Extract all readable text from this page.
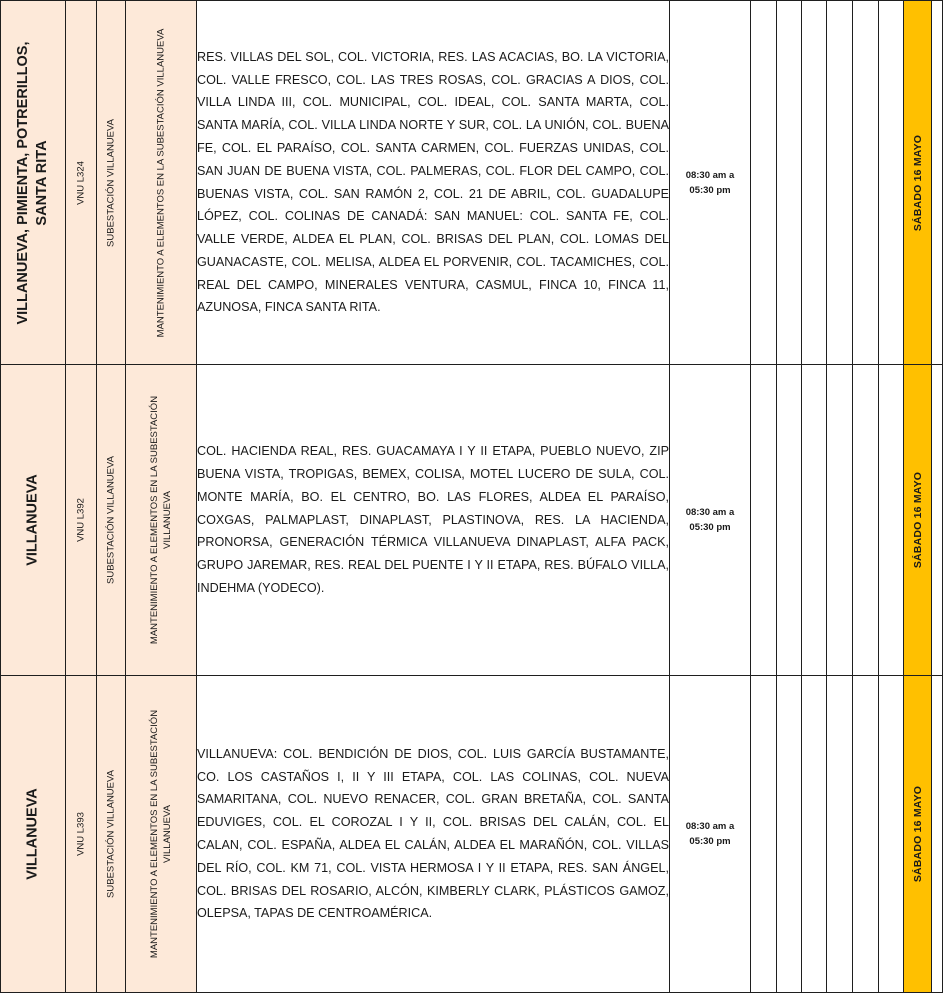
VILLANUEVA, PIMIENTA, POTRERILLOS, SANTA RITA	VNU L324	SUBESTACIÓN VILLANUEVA	MANTENIMIENTO A ELEMENTOS EN LA SUBESTACIÓN VILLANUEVA	RES. VILLAS DEL SOL, COL. VICTORIA, RES. LAS ACACIAS, BO. LA VICTORIA, COL. VALLE FRESCO, COL. LAS TRES ROSAS, COL. GRACIAS A DIOS, COL. VILLA LINDA III, COL. MUNICIPAL, COL. IDEAL, COL. SANTA MARTA, COL. SANTA MARÍA, COL. VILLA LINDA NORTE Y SUR, COL. LA UNIÓN, COL. BUENA FE, COL. EL PARAÍSO, COL. SANTA CARMEN, COL. FUERZAS UNIDAS, COL. SAN JUAN DE BUENA VISTA, COL. PALMERAS, COL. FLOR DEL CAMPO, COL. BUENAS VISTA, COL. SAN RAMÓN 2, COL. 21 DE ABRIL, COL. GUADALUPE LÓPEZ, COL. COLINAS DE CANADÁ: SAN MANUEL: COL. SANTA FE, COL. VALLE VERDE, ALDEA EL PLAN, COL. BRISAS DEL PLAN, COL. LOMAS DEL GUANACASTE, COL. MELISA, ALDEA EL PORVENIR, COL. TACAMICHES, COL. REAL DEL CAMPO, MINERALES VENTURA, CASMUL, FINCA 10, FINCA 11, AZUNOSA, FINCA SANTA RITA.	08:30 am a
05:30 pm							SÁBADO 16 MAYO	

VILLANUEVA	VNU L392	SUBESTACIÓN VILLANUEVA	MANTENIMIENTO A ELEMENTOS EN LA SUBESTACIÓN VILLANUEVA	COL. HACIENDA REAL, RES. GUACAMAYA I Y II ETAPA, PUEBLO NUEVO, ZIP BUENA VISTA, TROPIGAS, BEMEX, COLISA, MOTEL LUCERO DE SULA, COL. MONTE MARÍA, BO. EL CENTRO, BO. LAS FLORES, ALDEA EL PARAÍSO, COXGAS, PALMAPLAST, DINAPLAST, PLASTINOVA, RES. LA HACIENDA, PRONORSA, GENERACIÓN TÉRMICA VILLANUEVA DINAPLAST, ALFA PACK, GRUPO JAREMAR, RES. REAL DEL PUENTE I Y II ETAPA, RES. BÚFALO VILLA, INDEHMA (YODECO).	08:30 am a
05:30 pm							SÁBADO 16 MAYO	

VILLANUEVA	VNU L393	SUBESTACIÓN VILLANUEVA	MANTENIMIENTO A ELEMENTOS EN LA SUBESTACIÓN VILLANUEVA	VILLANUEVA: COL. BENDICIÓN DE DIOS, COL. LUIS GARCÍA BUSTAMANTE, CO. LOS CASTAÑOS I, II Y III ETAPA, COL. LAS COLINAS, COL. NUEVA SAMARITANA, COL. NUEVO RENACER, COL. GRAN BRETAÑA, COL. SANTA EDUVIGES, COL. EL COROZAL I Y II, COL. BRISAS DEL CALÁN, COL. EL CALAN, COL. ESPAÑA, ALDEA EL CALÁN, ALDEA EL MARAÑÓN, COL. VILLAS DEL RÍO, COL. KM 71, COL. VISTA HERMOSA I Y II ETAPA, RES. SAN ÁNGEL, COL. BRISAS DEL ROSARIO, ALCÓN, KIMBERLY CLARK, PLÁSTICOS GAMOZ, OLEPSA, TAPAS DE CENTROAMÉRICA.	08:30 am a
05:30 pm							SÁBADO 16 MAYO	
